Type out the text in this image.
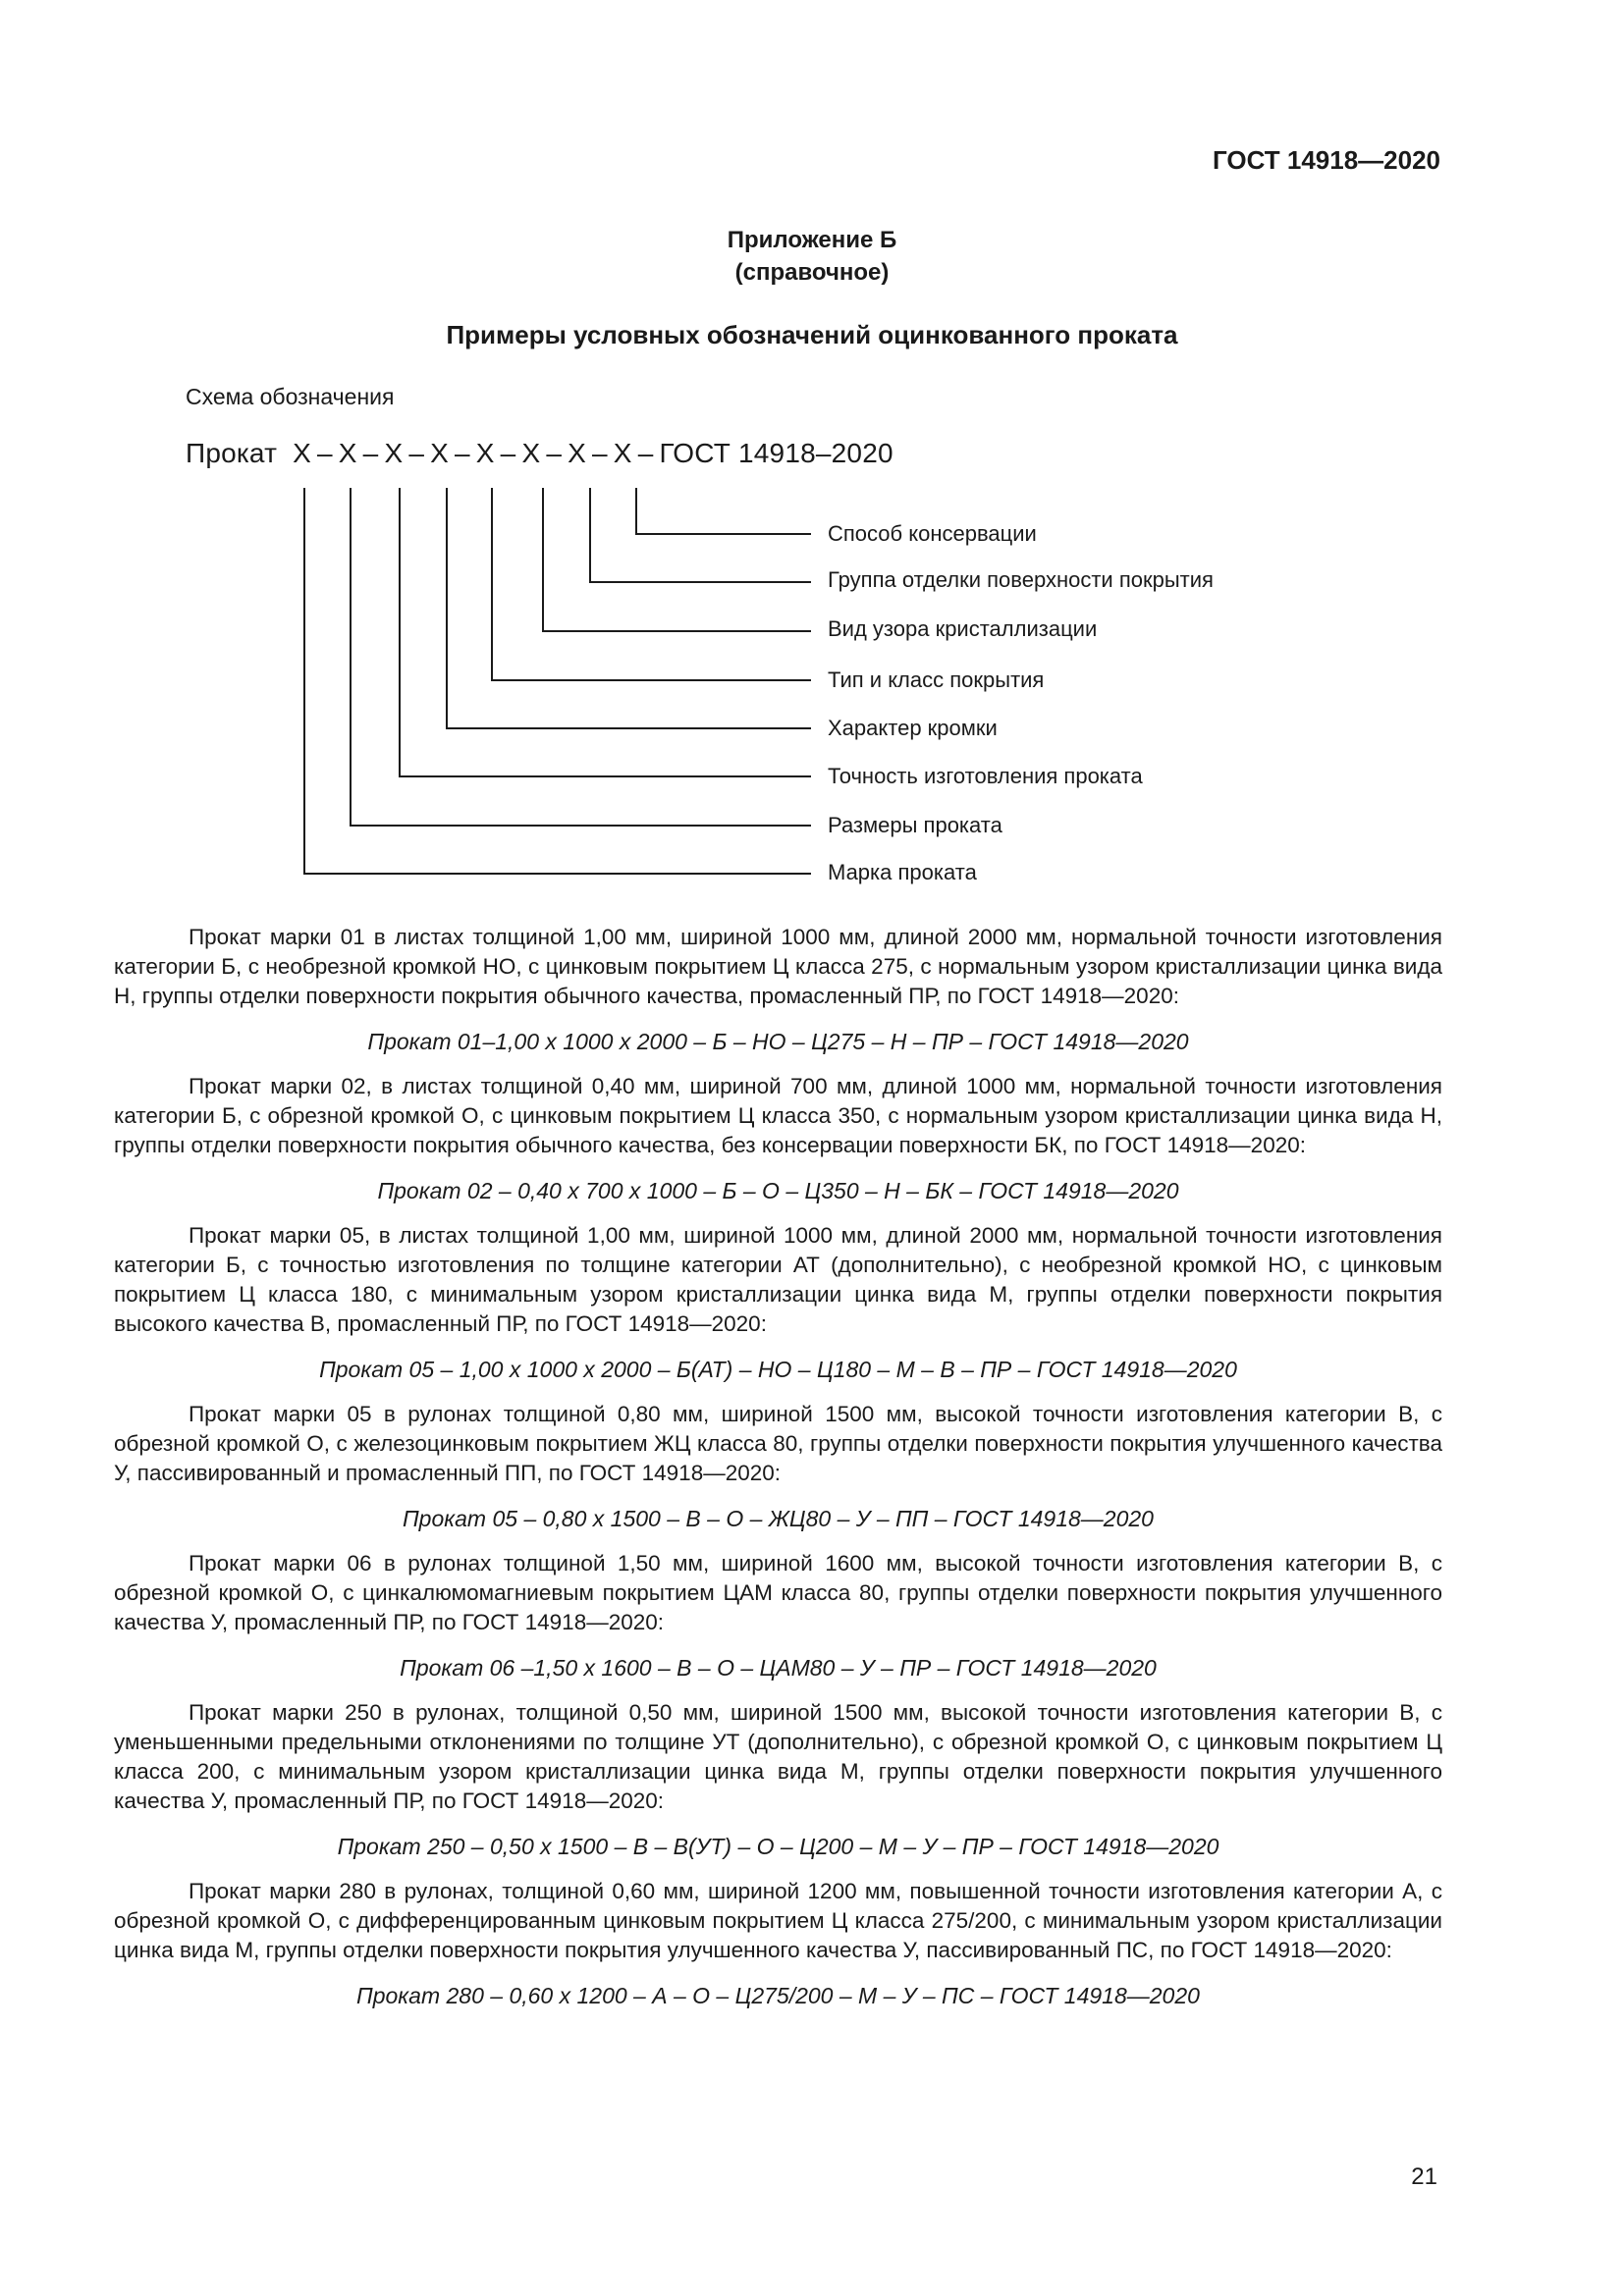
ГОСТ 14918—2020
Приложение Б
(справочное)
Примеры условных обозначений оцинкованного проката
Схема обозначения
Прокат Х – Х – Х – Х – Х – Х – Х – Х – ГОСТ 14918–2020
Способ консервации
Группа отделки поверхности покрытия
Вид узора кристаллизации
Тип и класс покрытия
Характер кромки
Точность изготовления проката
Размеры проката
Марка проката

Прокат марки 01 в листах толщиной 1,00 мм, шириной 1000 мм, длиной 2000 мм, нормальной точности изготовления категории Б, с необрезной кромкой НО, с цинковым покрытием Ц класса 275, с нормальным узором кристаллизации цинка вида Н, группы отделки поверхности покрытия обычного качества, промасленный ПР, по ГОСТ 14918—2020:

Прокат 01–1,00 х 1000 х 2000 – Б – НО – Ц275 – Н – ПР – ГОСТ 14918—2020

Прокат марки 02, в листах толщиной 0,40 мм, шириной 700 мм, длиной 1000 мм, нормальной точности изготовления категории Б, с обрезной кромкой О, с цинковым покрытием Ц класса 350, с нормальным узором кристаллизации цинка вида Н, группы отделки поверхности покрытия обычного качества, без консервации поверхности БК, по ГОСТ 14918—2020:

Прокат 02 – 0,40 х 700 х 1000 – Б – О – Ц350 – Н – БК – ГОСТ 14918—2020

Прокат марки 05, в листах толщиной 1,00 мм, шириной 1000 мм, длиной 2000 мм, нормальной точности изготовления категории Б, с точностью изготовления по толщине категории АТ (дополнительно), с необрезной кромкой НО, с цинковым покрытием Ц класса 180, с минимальным узором кристаллизации цинка вида М, группы отделки поверхности покрытия высокого качества В, промасленный ПР, по ГОСТ 14918—2020:

Прокат 05 – 1,00 х 1000 х 2000 – Б(АТ) – НО – Ц180 – М – В – ПР – ГОСТ 14918—2020

Прокат марки 05 в рулонах толщиной 0,80 мм, шириной 1500 мм, высокой точности изготовления категории В, с обрезной кромкой О, с железоцинковым покрытием ЖЦ класса 80, группы отделки поверхности покрытия улучшенного качества У, пассивированный и промасленный ПП, по ГОСТ 14918—2020:

Прокат 05 – 0,80 х 1500 – В – О – ЖЦ80 – У – ПП – ГОСТ 14918—2020

Прокат марки 06 в рулонах толщиной 1,50 мм, шириной 1600 мм, высокой точности изготовления категории В, с обрезной кромкой О, с цинкалюмомагниевым покрытием ЦАМ класса 80, группы отделки поверхности покрытия улучшенного качества У, промасленный ПР, по ГОСТ 14918—2020:

Прокат 06 –1,50 х 1600 – В – О – ЦАМ80 – У – ПР – ГОСТ 14918—2020

Прокат марки 250 в рулонах, толщиной 0,50 мм, шириной 1500 мм, высокой точности изготовления категории В, с уменьшенными предельными отклонениями по толщине УТ (дополнительно), с обрезной кромкой О, с цинковым покрытием Ц класса 200, с минимальным узором кристаллизации цинка вида М, группы отделки поверхности покрытия улучшенного качества У, промасленный ПР, по ГОСТ 14918—2020:

Прокат 250 – 0,50 х 1500 – В – В(УТ) – О – Ц200 – М – У – ПР – ГОСТ 14918—2020

Прокат марки 280 в рулонах, толщиной 0,60 мм, шириной 1200 мм, повышенной точности изготовления категории А, с обрезной кромкой О, с дифференцированным цинковым покрытием Ц класса 275/200, с минимальным узором кристаллизации цинка вида М, группы отделки поверхности покрытия улучшенного качества У, пассивированный ПС, по ГОСТ 14918—2020:

Прокат 280 – 0,60 х 1200 – А – О – Ц275/200 – М – У – ПС – ГОСТ 14918—2020

21
